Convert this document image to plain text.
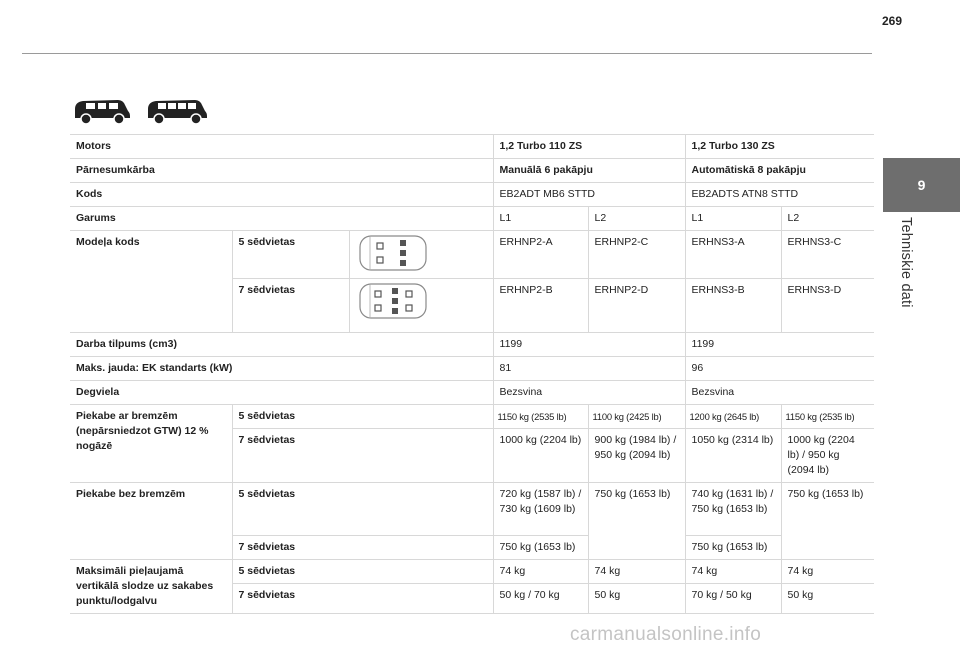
269
9
Tehniskie dati
Motors			1,2 Turbo 110 ZS		1,2 Turbo 130 ZS	
Pārnesumkārba			Manuālā 6 pakāpju		Automātiskā 8 pakāpju	
Kods			EB2ADT MB6 STTD		EB2ADTS ATN8 STTD	
Garums			L1	L2	L1	L2
Modeļa kods	5 sēdvietas		ERHNP2-A	ERHNP2-C	ERHNS3-A	ERHNS3-C
	7 sēdvietas		ERHNP2-B	ERHNP2-D	ERHNS3-B	ERHNS3-D
Darba tilpums (cm3)			1199		1199	
Maks. jauda: EK standarts (kW)			81		96	
Degviela			Bezsvina		Bezsvina	
Piekabe ar bremzēm (nepārsniedzot GTW) 12 % nogāzē	5 sēdvietas		1150 kg (2535 lb)	1100 kg (2425 lb)	1200 kg (2645 lb)	1150 kg (2535 lb)
	7 sēdvietas		1000 kg (2204 lb)	900 kg (1984 lb) / 950 kg (2094 lb)	1050 kg (2314 lb)	1000 kg (2204 lb) / 950 kg (2094 lb)
Piekabe bez bremzēm	5 sēdvietas		720 kg (1587 lb) / 730 kg (1609 lb)	750 kg (1653 lb)	740 kg (1631 lb) / 750 kg (1653 lb)	750 kg (1653 lb)
	7 sēdvietas		750 kg (1653 lb)		750 kg (1653 lb)	
Maksimāli pieļaujamā vertikālā slodze uz sakabes punktu/lodgalvu	5 sēdvietas		74 kg	74 kg	74 kg	74 kg
	7 sēdvietas		50 kg / 70 kg	50 kg	70 kg / 50 kg	50 kg
carmanualsonline.info
